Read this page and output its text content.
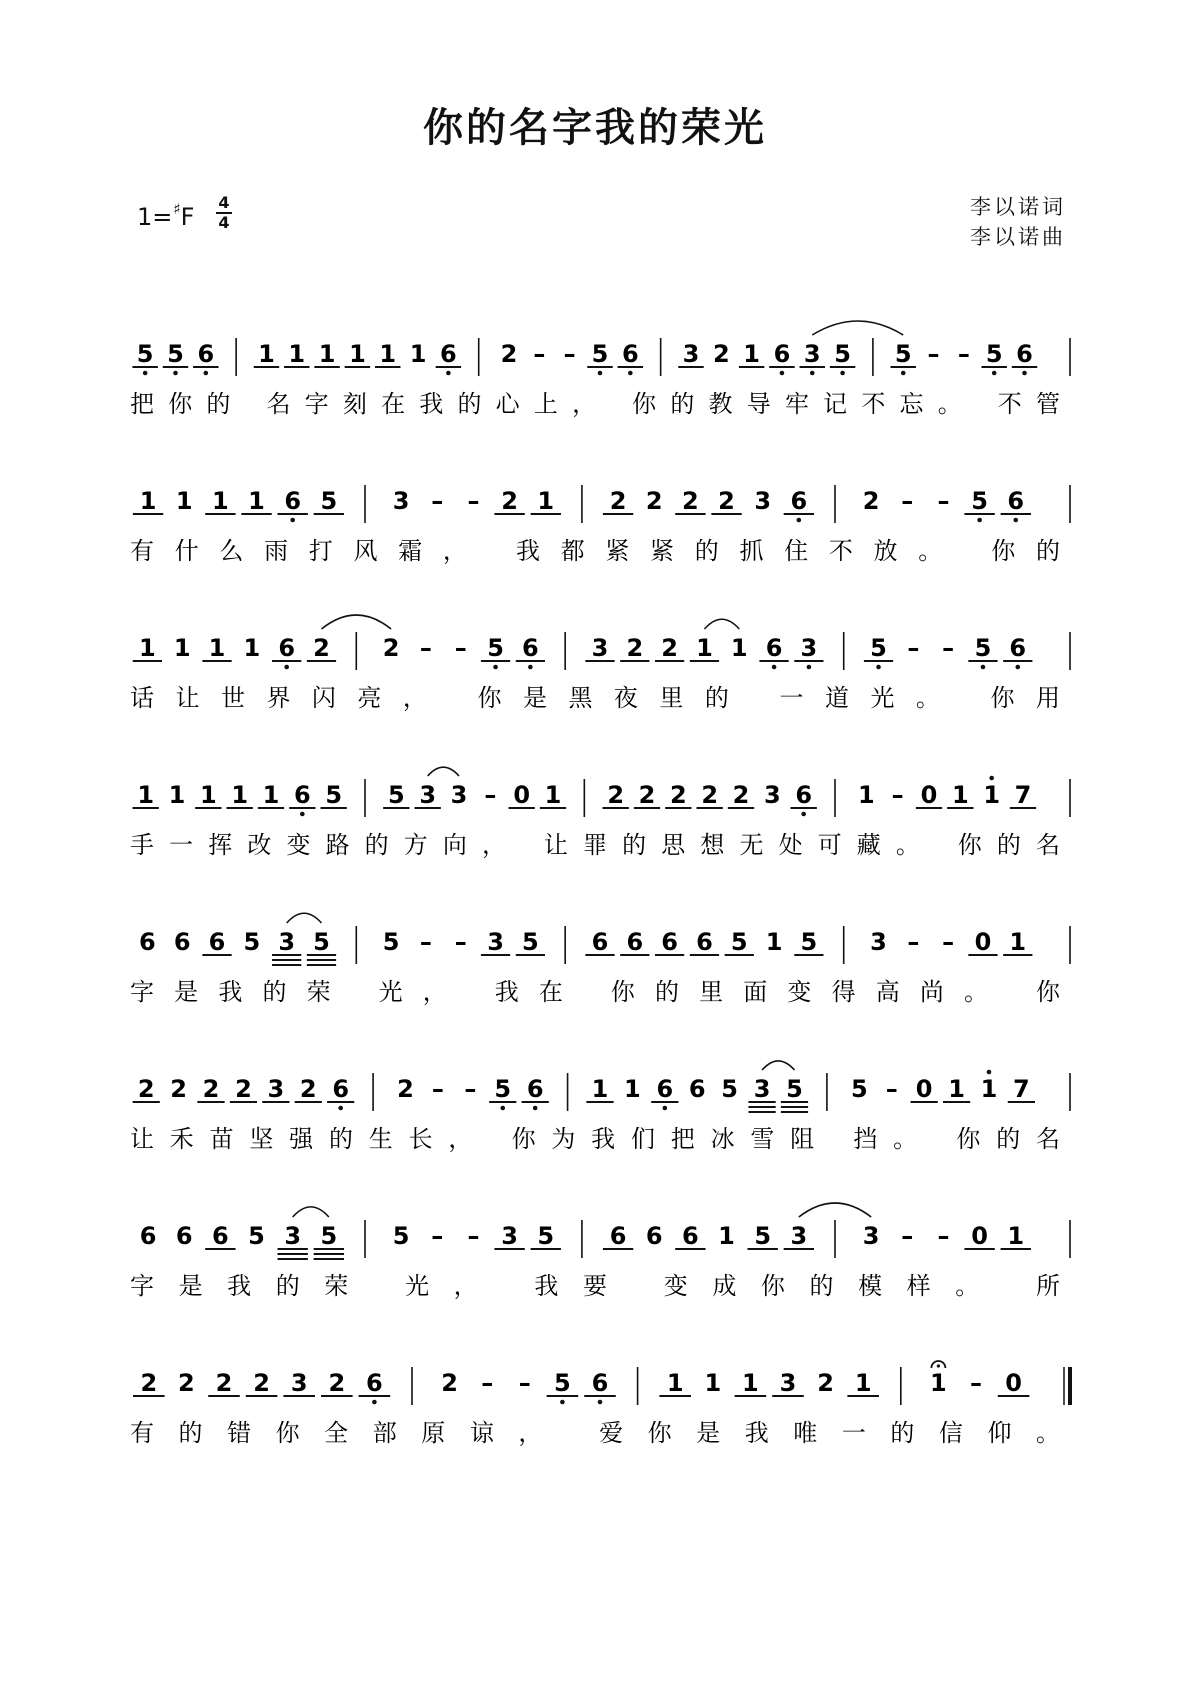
你的名字我的荣光
1=♯F
4
4
李以诺词
李以诺曲
5 5 6 1 1 1 1 1 1 6 2 – – 5 6 3 2 1 6 3 5 5 – – 5 6
把你的 名字刻在我的心上， 你的教导牢记不忘。 不管
1 1 1 1 6 5 3 – – 2 1 2 2 2 2 3 6 2 – – 5 6
有什么雨打风霜， 我都紧紧的抓住不放。 你的
1 1 1 1 6 2 2 – – 5 6 3 2 2 1 1 6 3 5 – – 5 6
话让世界闪亮， 你是黑夜里的 一道光。 你用
1 1 1 1 1 6 5 5 3 3 – 0 1 2 2 2 2 2 3 6 1 – 0 1 1 7
手一挥改变路的方向， 让罪的思想无处可藏。 你的名
6 6 6 5 3 5 5 – – 3 5 6 6 6 6 5 1 5 3 – – 0 1
字是我的荣 光， 我在 你的里面变得高尚。 你
2 2 2 2 3 2 6 2 – – 5 6 1 1 6 6 5 3 5 5 – 0 1 1 7
让禾苗坚强的生长， 你为我们把冰雪阻 挡。 你的名
6 6 6 5 3 5 5 – – 3 5 6 6 6 1 5 3 3 – – 0 1
字是我的荣 光， 我要 变成你的模样。 所
2 2 2 2 3 2 6 2 – – 5 6 1 1 1 3 2 1 1 – 0
有的错你全部原谅， 爱你是我唯一的信仰。
